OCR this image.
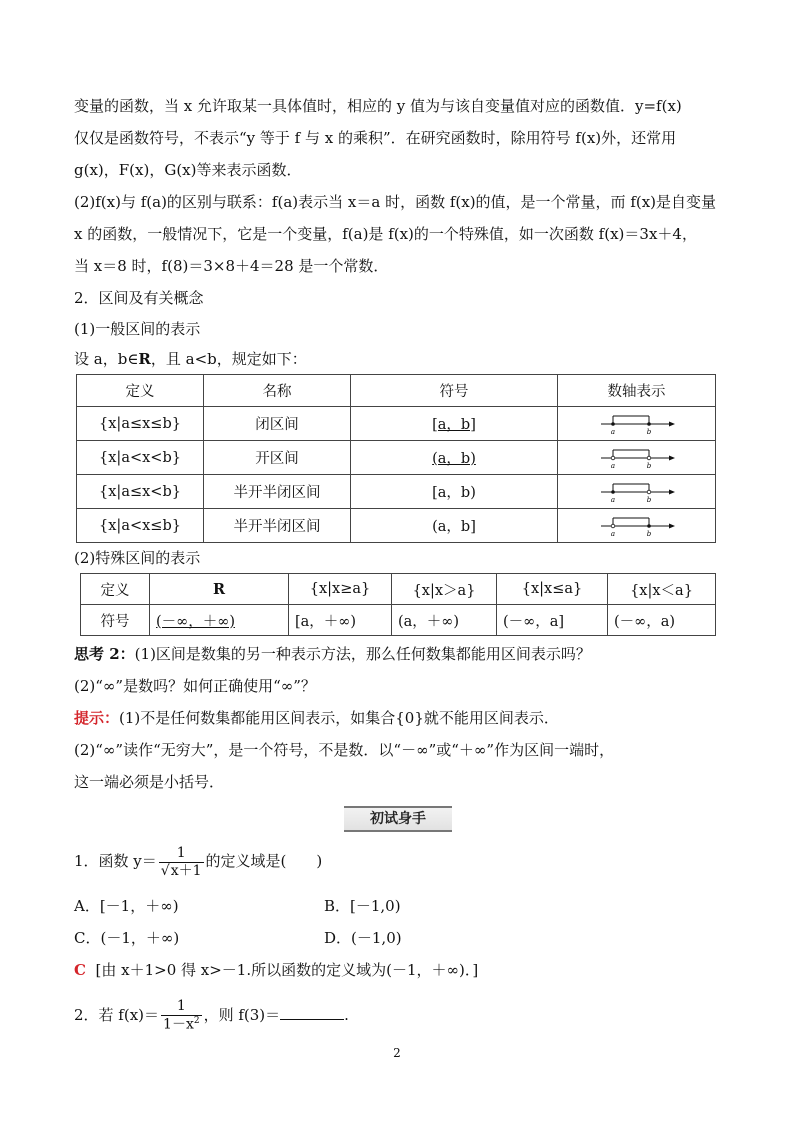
变量的函数，当 x 允许取某一具体值时，相应的 y 值为与该自变量值对应的函数值．y=f(x)
仅仅是函数符号，不表示“y 等于 f 与 x 的乘积”．在研究函数时，除用符号 f(x)外，还常用
g(x)，F(x)，G(x)等来表示函数．
(2)f(x)与 f(a)的区别与联系：f(a)表示当 x＝a 时，函数 f(x)的值，是一个常量，而 f(x)是自变量
x 的函数，一般情况下，它是一个变量，f(a)是 f(x)的一个特殊值，如一次函数 f(x)＝3x＋4，
当 x＝8 时，f(8)＝3×8＋4＝28 是一个常数．
2．区间及有关概念
(1)一般区间的表示
设 a，b∈R，且 a<b，规定如下：
定义	名称	符号	数轴表示
{x|a≤x≤b}	闭区间	[a，b]	a b

{x|a<x<b}	开区间	(a，b)	a b

{x|a≤x<b}	半开半闭区间	[a，b)	a b

{x|a<x≤b}	半开半闭区间	(a，b]	a b
(2)特殊区间的表示
定义	R	{x|x≥a}	{x|x＞a}	{x|x≤a}	{x|x＜a}
符号	(－∞，＋∞)	[a，＋∞)	(a，＋∞)	(－∞，a]	(－∞，a)
思考 2：(1)区间是数集的另一种表示方法，那么任何数集都能用区间表示吗？
(2)“∞”是数吗？如何正确使用“∞”？
提示：(1)不是任何数集都能用区间表示，如集合{0}就不能用区间表示．
(2)“∞”读作“无穷大”，是一个符号，不是数．以“－∞”或“＋∞”作为区间一端时，
这一端必须是小括号．
初试身手
1．函数 $y= \frac{1}{√x+1}$ 的定义域是(　　)
A．[－1，＋∞)	B．[－1,0)
C．(－1，＋∞)	D．(－1,0)
C [由 x＋1>0 得 x>－1.所以函数的定义域为(－1，＋∞)．]
2．若 $f(x)= \frac{1}{1-x^2}$ ，则 f(3)＝	.
2
